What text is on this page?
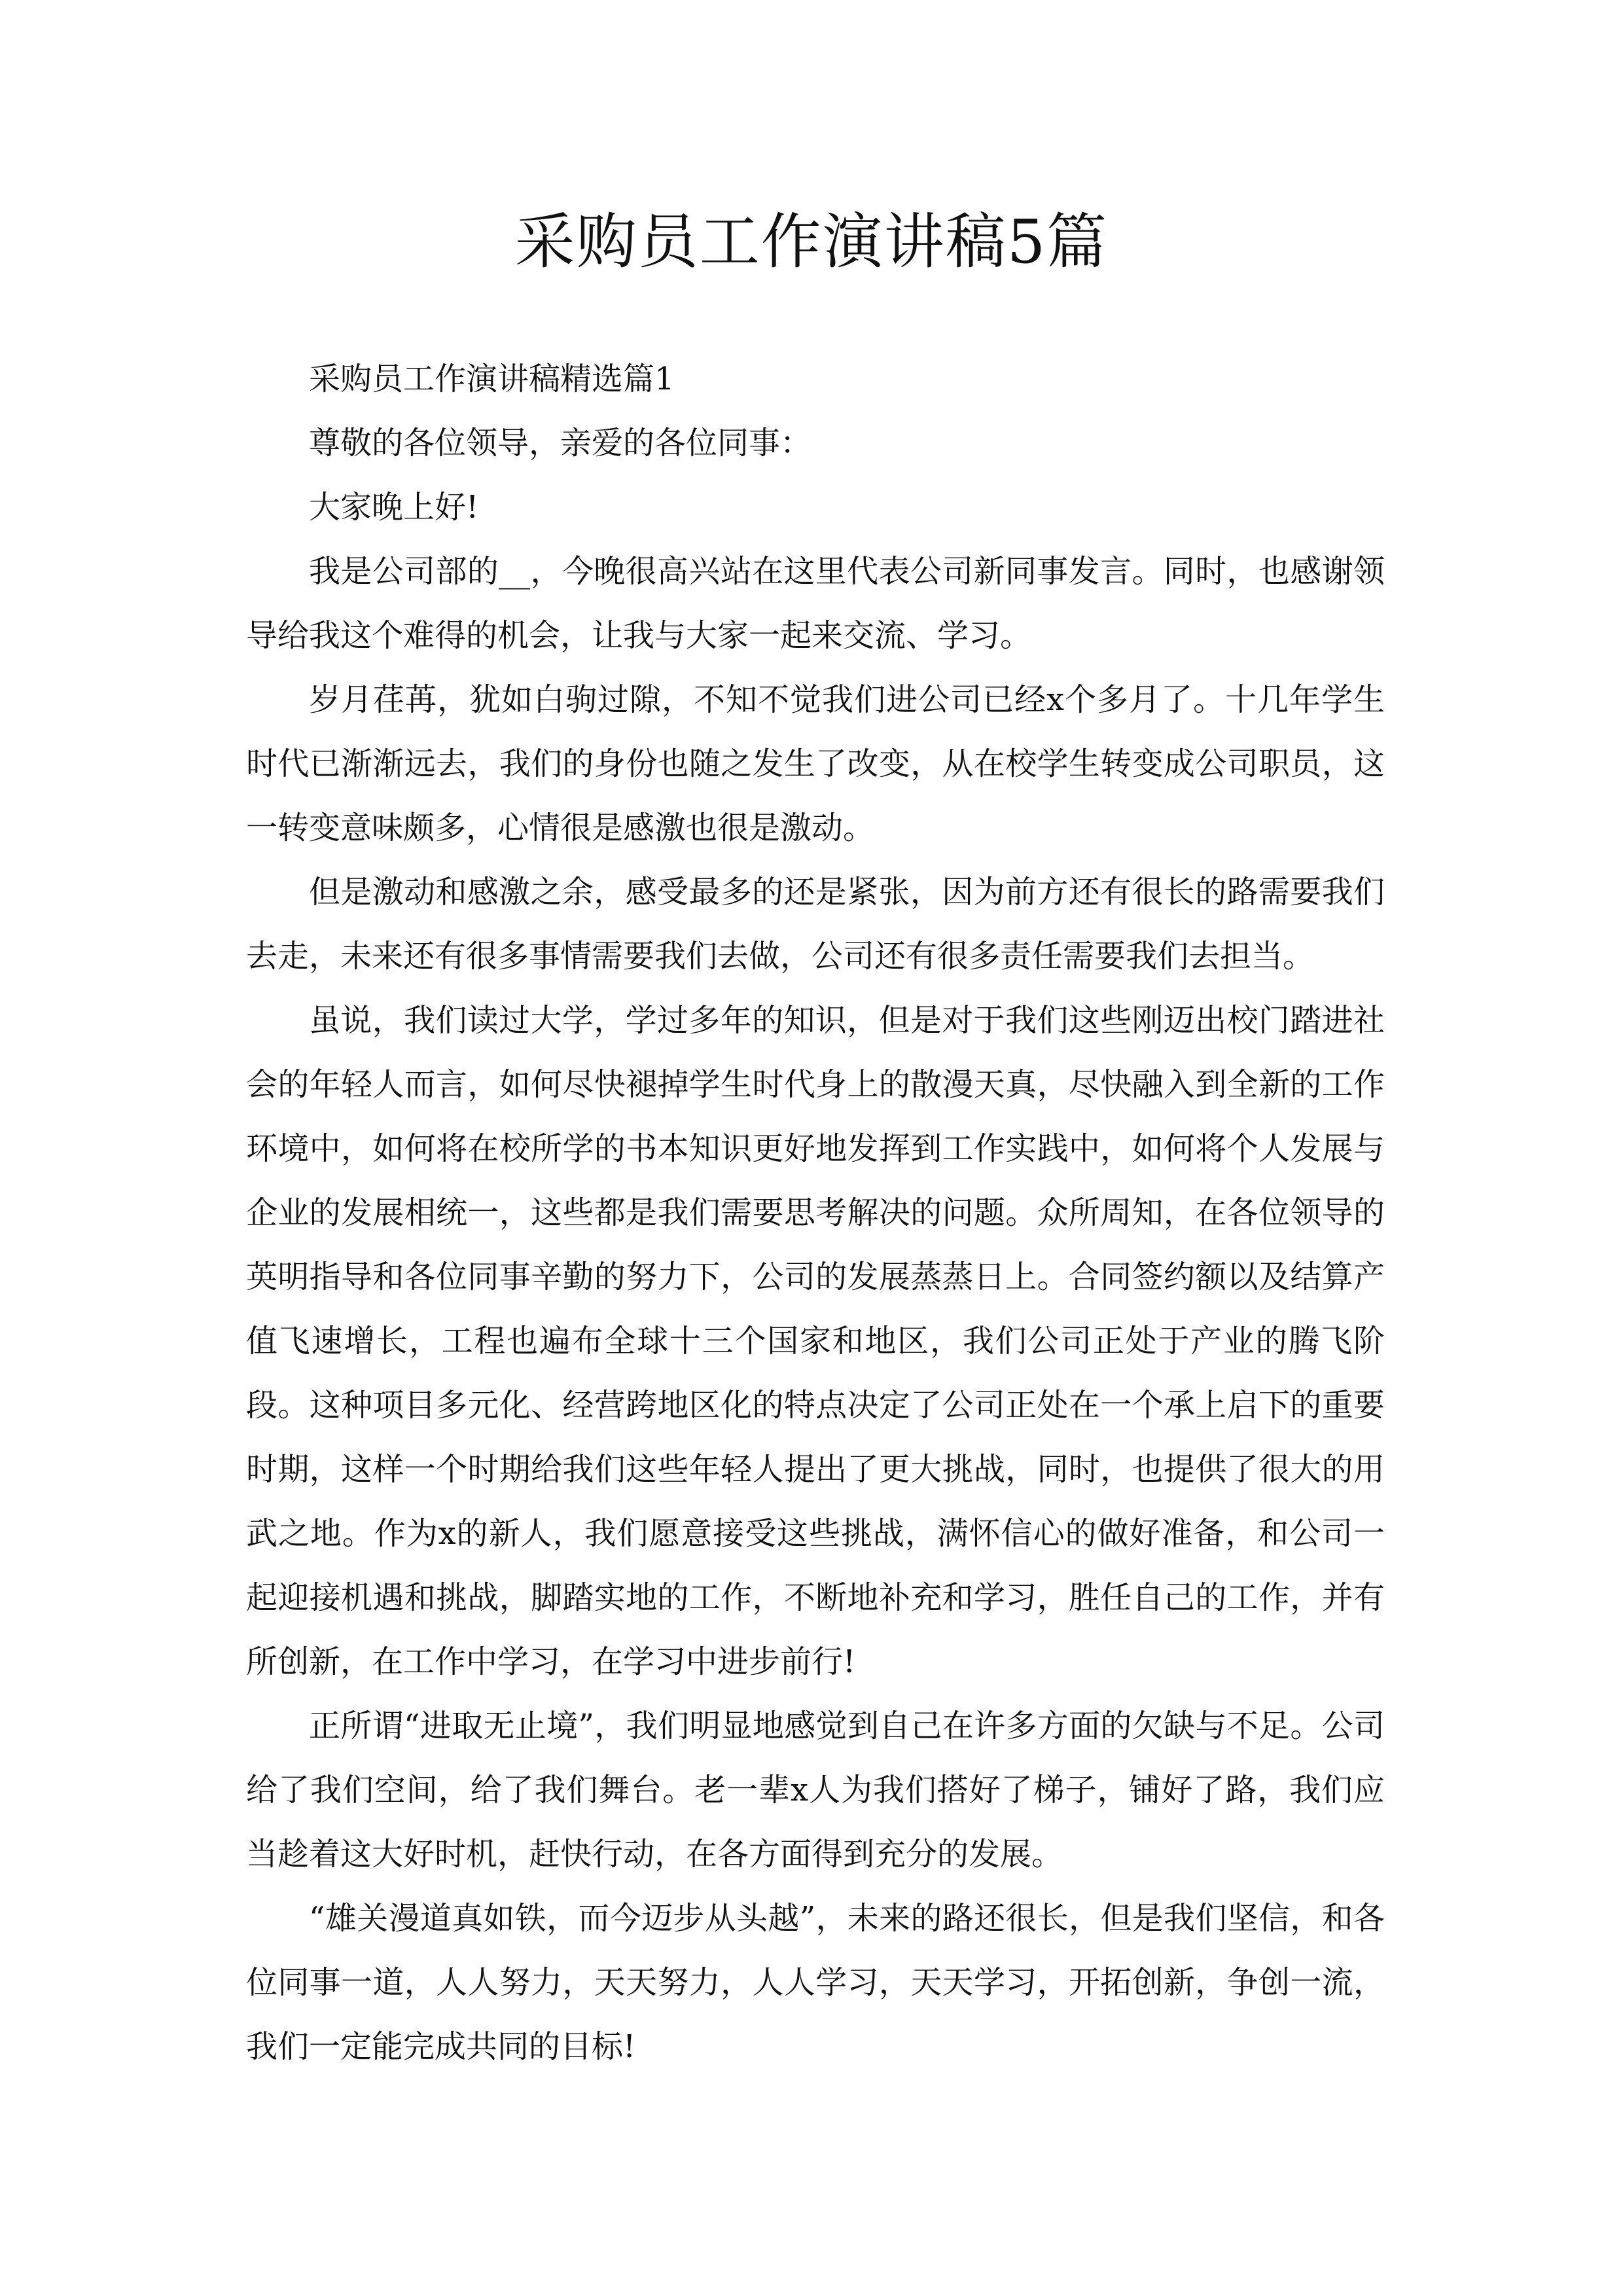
采购员工作演讲稿5篇

采购员工作演讲稿精选篇1

尊敬的各位领导，亲爱的各位同事：

大家晚上好!

我是公司部的__，今晚很高兴站在这里代表公司新同事发言。同时，也感谢领导给我这个难得的机会，让我与大家一起来交流、学习。

岁月荏苒，犹如白驹过隙，不知不觉我们进公司已经x个多月了。十几年学生时代已渐渐远去，我们的身份也随之发生了改变，从在校学生转变成公司职员，这一转变意味颇多，心情很是感激也很是激动。

但是激动和感激之余，感受最多的还是紧张，因为前方还有很长的路需要我们去走，未来还有很多事情需要我们去做，公司还有很多责任需要我们去担当。

虽说，我们读过大学，学过多年的知识，但是对于我们这些刚迈出校门踏进社会的年轻人而言，如何尽快褪掉学生时代身上的散漫天真，尽快融入到全新的工作环境中，如何将在校所学的书本知识更好地发挥到工作实践中，如何将个人发展与企业的发展相统一，这些都是我们需要思考解决的问题。众所周知，在各位领导的英明指导和各位同事辛勤的努力下，公司的发展蒸蒸日上。合同签约额以及结算产值飞速增长，工程也遍布全球十三个国家和地区，我们公司正处于产业的腾飞阶段。这种项目多元化、经营跨地区化的特点决定了公司正处在一个承上启下的重要时期，这样一个时期给我们这些年轻人提出了更大挑战，同时，也提供了很大的用武之地。作为x的新人，我们愿意接受这些挑战，满怀信心的做好准备，和公司一起迎接机遇和挑战，脚踏实地的工作，不断地补充和学习，胜任自己的工作，并有所创新，在工作中学习，在学习中进步前行!

正所谓“进取无止境”，我们明显地感觉到自己在许多方面的欠缺与不足。公司给了我们空间，给了我们舞台。老一辈x人为我们搭好了梯子，铺好了路，我们应当趁着这大好时机，赶快行动，在各方面得到充分的发展。

“雄关漫道真如铁，而今迈步从头越”，未来的路还很长，但是我们坚信，和各位同事一道，人人努力，天天努力，人人学习，天天学习，开拓创新，争创一流，我们一定能完成共同的目标!
